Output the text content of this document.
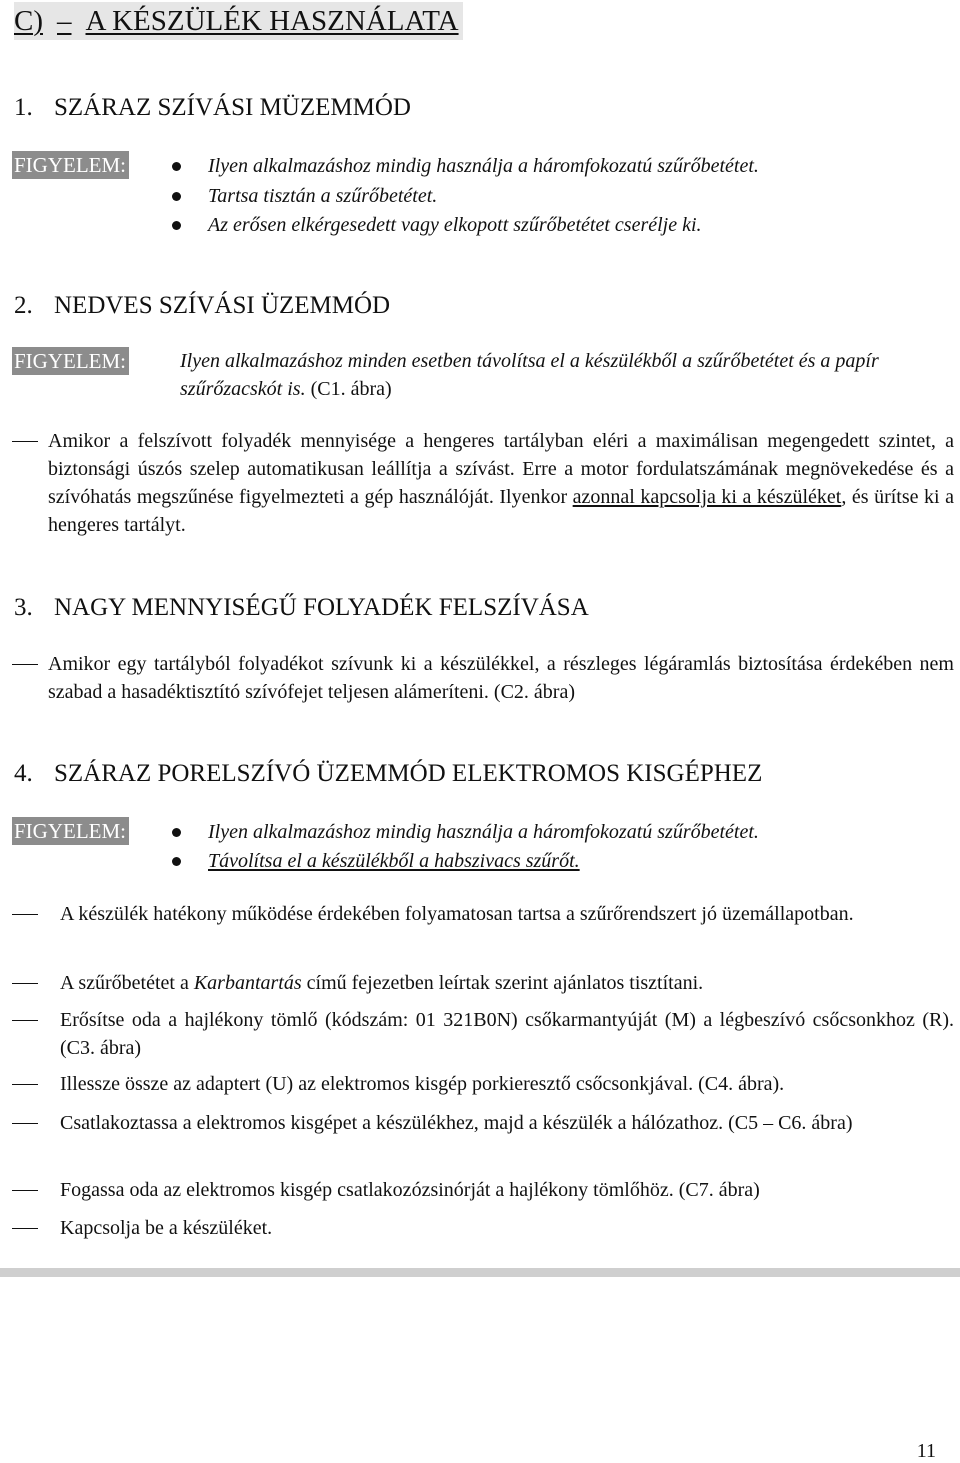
C) – A KÉSZÜLÉK HASZNÁLATA
1. SZÁRAZ SZÍVÁSI MÜZEMMÓD
FIGYELEM:	Ilyen alkalmazáshoz mindig használja a háromfokozatú szűrőbetétet.
Tartsa tisztán a szűrőbetétet.
Az erősen elkérgesedett vagy elkopott szűrőbetétet cserélje ki.
2. NEDVES SZÍVÁSI ÜZEMMÓD
FIGYELEM:	Ilyen alkalmazáshoz minden esetben távolítsa el a készülékből a szűrőbetétet és a papír szűrőzacskót is. (C1. ábra)
Amikor a felszívott folyadék mennyisége a hengeres tartályban eléri a maximálisan megengedett szintet, a biztonsági úszós szelep automatikusan leállítja a szívást. Erre a motor fordulatszámának megnövekedése és a szívóhatás megszűnése figyelmezteti a gép használóját. Ilyenkor azonnal kapcsolja ki a készüléket, és ürítse ki a hengeres tartályt.
3. NAGY MENNYISÉGŰ FOLYADÉK FELSZÍVÁSA
Amikor egy tartályból folyadékot szívunk ki a készülékkel, a részleges légáramlás biztosítása érdekében nem szabad a hasadéktisztító szívófejet teljesen alámeríteni. (C2. ábra)
4. SZÁRAZ PORELSZÍVÓ ÜZEMMÓD ELEKTROMOS KISGÉPHEZ
FIGYELEM:	Ilyen alkalmazáshoz mindig használja a háromfokozatú szűrőbetétet.
Távolítsa el a készülékből a habszivacs szűrőt.
A készülék hatékony működése érdekében folyamatosan tartsa a szűrőrendszert jó üzemállapotban.
A szűrőbetétet a Karbantartás című fejezetben leírtak szerint ajánlatos tisztítani.
Erősítse oda a hajlékony tömlő (kódszám: 01 321B0N) csőkarmantyúját (M) a légbeszívó csőcsonkhoz (R). (C3. ábra)
Illessze össze az adaptert (U) az elektromos kisgép porkieresztő csőcsonkjával. (C4. ábra).
Csatlakoztassa a elektromos kisgépet a készülékhez, majd a készülék a hálózathoz. (C5 – C6. ábra)
Fogassa oda az elektromos kisgép csatlakozózsinórját a hajlékony tömlőhöz. (C7. ábra)
Kapcsolja be a készüléket.
11
